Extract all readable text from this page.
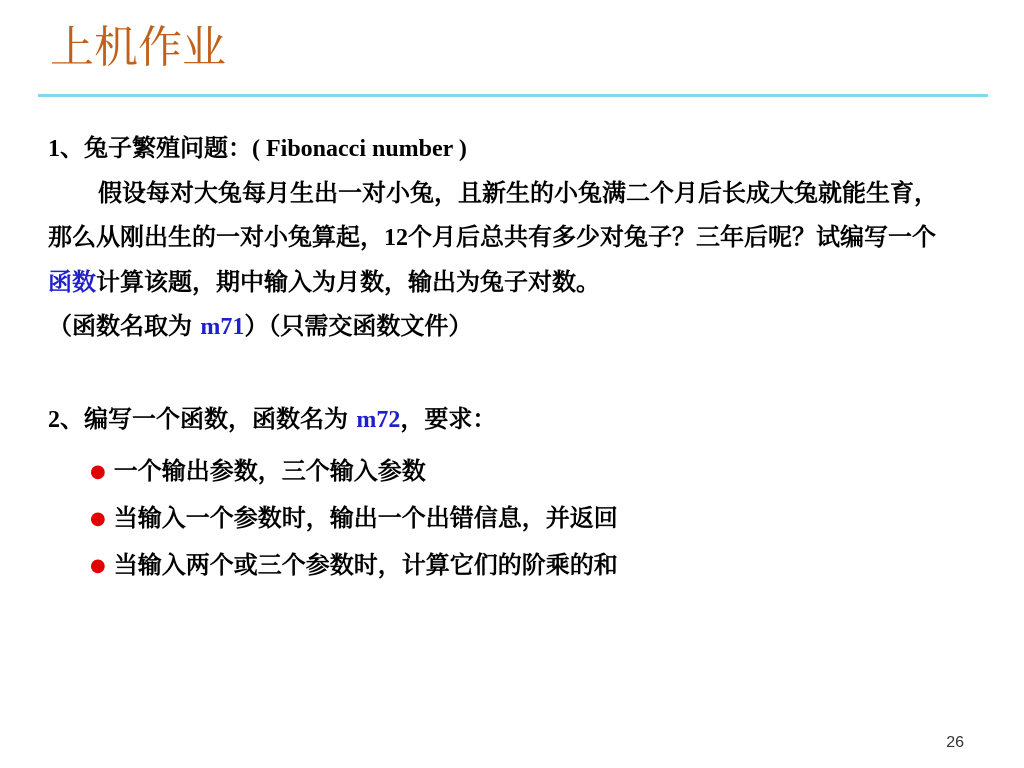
上机作业

1、兔子繁殖问题：( Fibonacci number )

假设每对大兔每月生出一对小兔，且新生的小兔满二个月后长成大兔就能生育，那么从刚出生的一对小兔算起，12个月后总共有多少对兔子？三年后呢？试编写一个函数计算该题，期中输入为月数，输出为兔子对数。

（函数名取为 m71）（只需交函数文件）

2、编写一个函数，函数名为 m72，要求：

● 一个输出参数，三个输入参数
● 当输入一个参数时，输出一个出错信息，并返回
● 当输入两个或三个参数时，计算它们的阶乘的和
26
